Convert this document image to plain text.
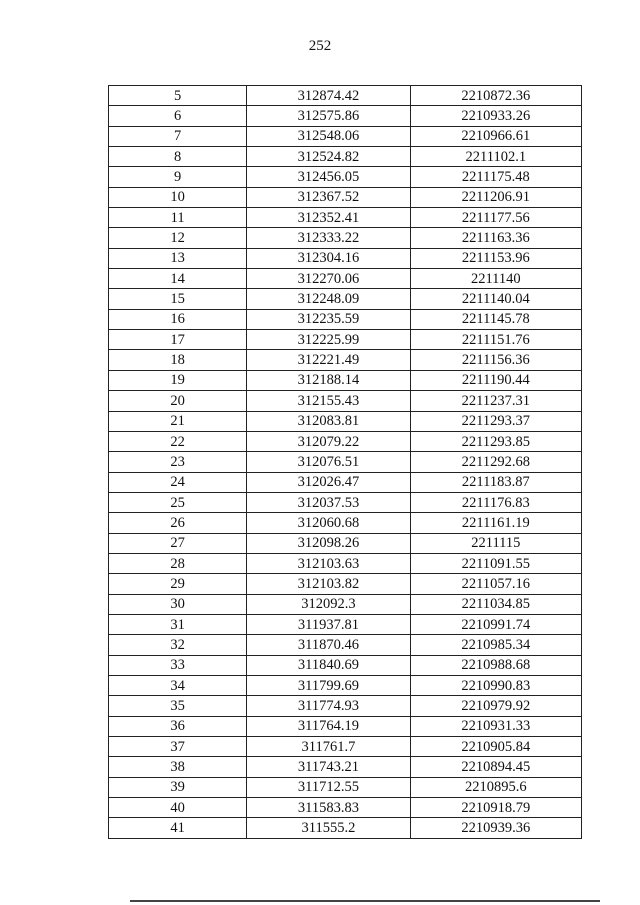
252
5	312874.42	2210872.36
6	312575.86	2210933.26
7	312548.06	2210966.61
8	312524.82	2211102.1
9	312456.05	2211175.48
10	312367.52	2211206.91
11	312352.41	2211177.56
12	312333.22	2211163.36
13	312304.16	2211153.96
14	312270.06	2211140
15	312248.09	2211140.04
16	312235.59	2211145.78
17	312225.99	2211151.76
18	312221.49	2211156.36
19	312188.14	2211190.44
20	312155.43	2211237.31
21	312083.81	2211293.37
22	312079.22	2211293.85
23	312076.51	2211292.68
24	312026.47	2211183.87
25	312037.53	2211176.83
26	312060.68	2211161.19
27	312098.26	2211115
28	312103.63	2211091.55
29	312103.82	2211057.16
30	312092.3	2211034.85
31	311937.81	2210991.74
32	311870.46	2210985.34
33	311840.69	2210988.68
34	311799.69	2210990.83
35	311774.93	2210979.92
36	311764.19	2210931.33
37	311761.7	2210905.84
38	311743.21	2210894.45
39	311712.55	2210895.6
40	311583.83	2210918.79
41	311555.2	2210939.36
